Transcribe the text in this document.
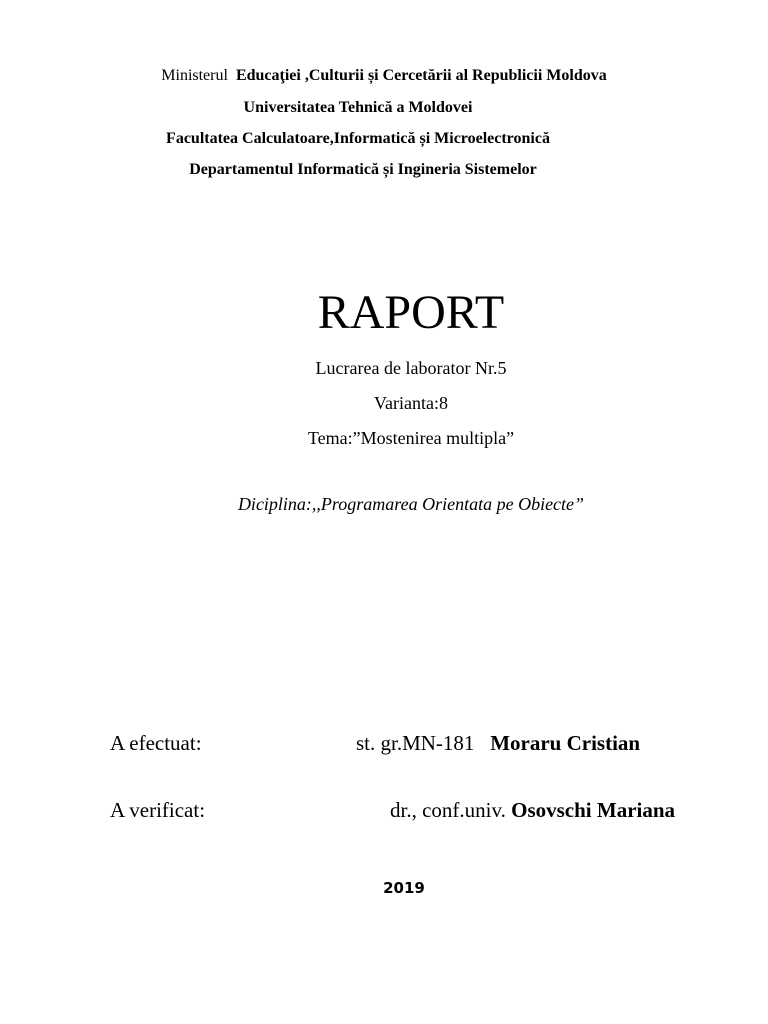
Ministerul Educaţiei ,Culturii și Cercetării al Republicii Moldova
Universitatea Tehnică a Moldovei
Facultatea Calculatoare,Informatică și Microelectronică
Departamentul Informatică și Ingineria Sistemelor
RAPORT
Lucrarea de laborator Nr.5
Varianta:8
Tema:”Mostenirea multipla”
Diciplina:,,Programarea Orientata pe Obiecte”
A efectuat:	st. gr.MN-181 Moraru Cristian
A verificat:	dr., conf.univ. Osovschi Mariana
2019
